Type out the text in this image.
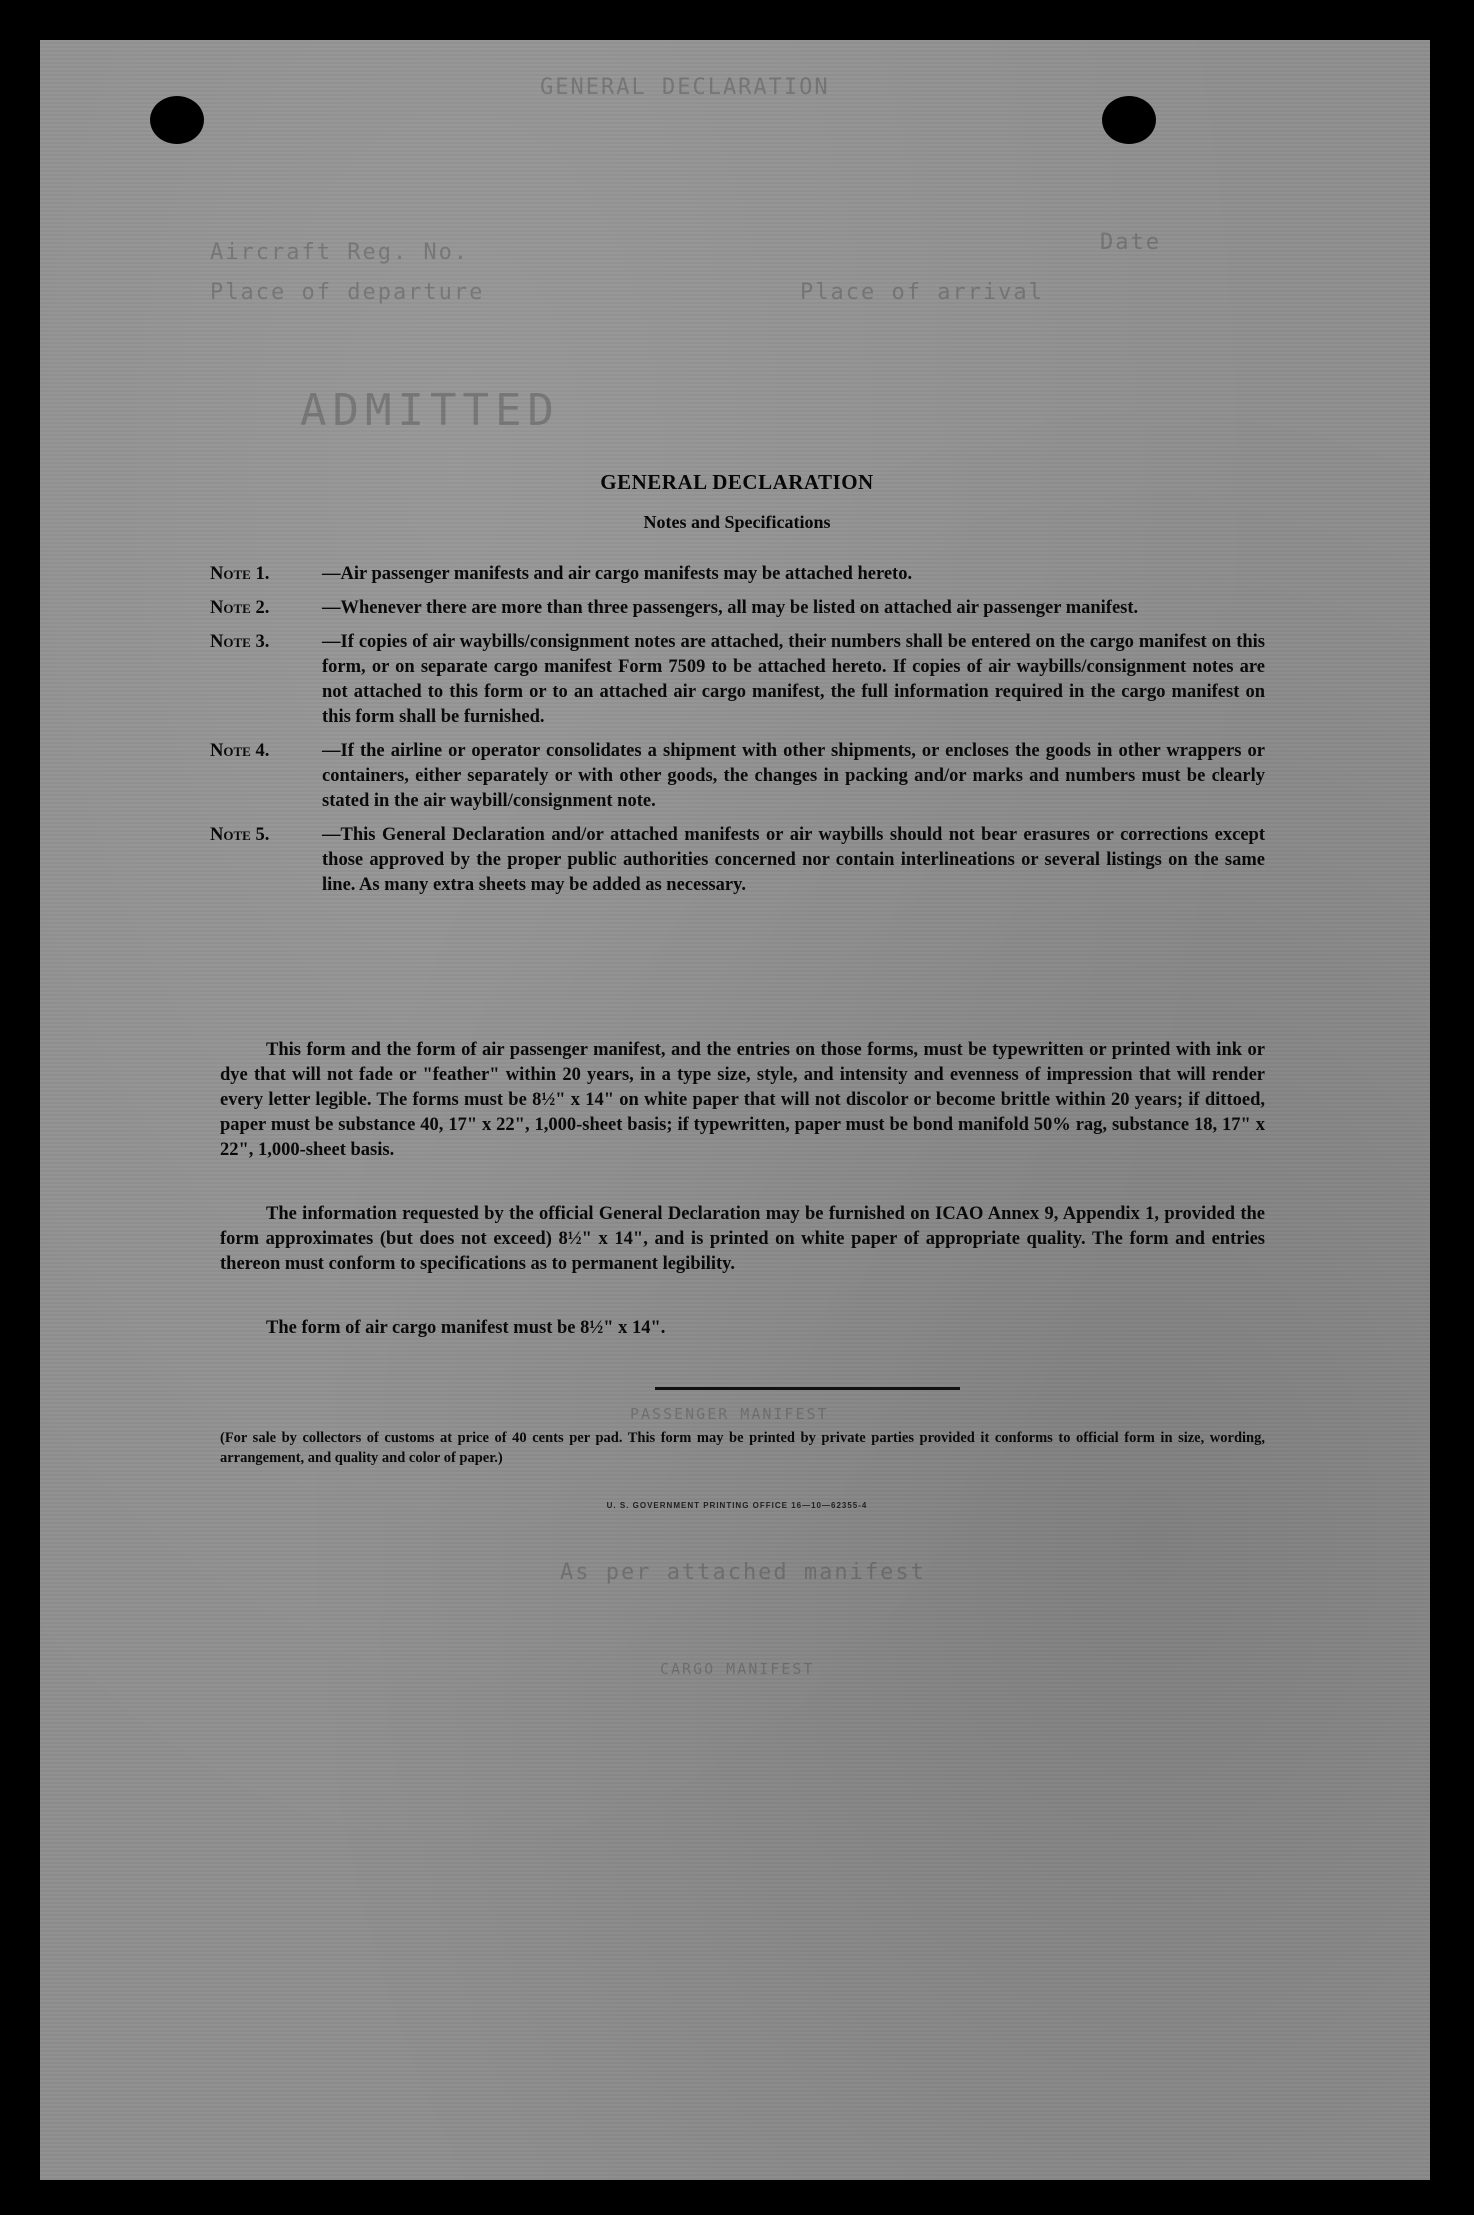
GENERAL DECLARATION
Aircraft Reg. No.	Date
Place of departure	Place of arrival
ADMITTED
PASSENGER MANIFEST
As per attached manifest
CARGO MANIFEST
GENERAL DECLARATION
Notes and Specifications
Note 1.	—Air passenger manifests and air cargo manifests may be attached hereto.
Note 2.	—Whenever there are more than three passengers, all may be listed on attached air passenger manifest.
Note 3.	—If copies of air waybills/consignment notes are attached, their numbers shall be entered on the cargo manifest on this form, or on separate cargo manifest Form 7509 to be attached hereto. If copies of air waybills/consignment notes are not attached to this form or to an attached air cargo manifest, the full information required in the cargo manifest on this form shall be furnished.
Note 4.	—If the airline or operator consolidates a shipment with other shipments, or encloses the goods in other wrappers or containers, either separately or with other goods, the changes in packing and/or marks and numbers must be clearly stated in the air waybill/consignment note.
Note 5.	—This General Declaration and/or attached manifests or air waybills should not bear erasures or corrections except those approved by the proper public authorities concerned nor contain interlineations or several listings on the same line. As many extra sheets may be added as necessary.
This form and the form of air passenger manifest, and the entries on those forms, must be typewritten or printed with ink or dye that will not fade or "feather" within 20 years, in a type size, style, and intensity and evenness of impression that will render every letter legible. The forms must be 8½" x 14" on white paper that will not discolor or become brittle within 20 years; if dittoed, paper must be substance 40, 17" x 22", 1,000-sheet basis; if typewritten, paper must be bond manifold 50% rag, substance 18, 17" x 22", 1,000-sheet basis.
The information requested by the official General Declaration may be furnished on ICAO Annex 9, Appendix 1, provided the form approximates (but does not exceed) 8½" x 14", and is printed on white paper of appropriate quality. The form and entries thereon must conform to specifications as to permanent legibility.
The form of air cargo manifest must be 8½" x 14".
(For sale by collectors of customs at price of 40 cents per pad. This form may be printed by private parties provided it conforms to official form in size, wording, arrangement, and quality and color of paper.)
U. S. GOVERNMENT PRINTING OFFICE 16—10—62355-4
